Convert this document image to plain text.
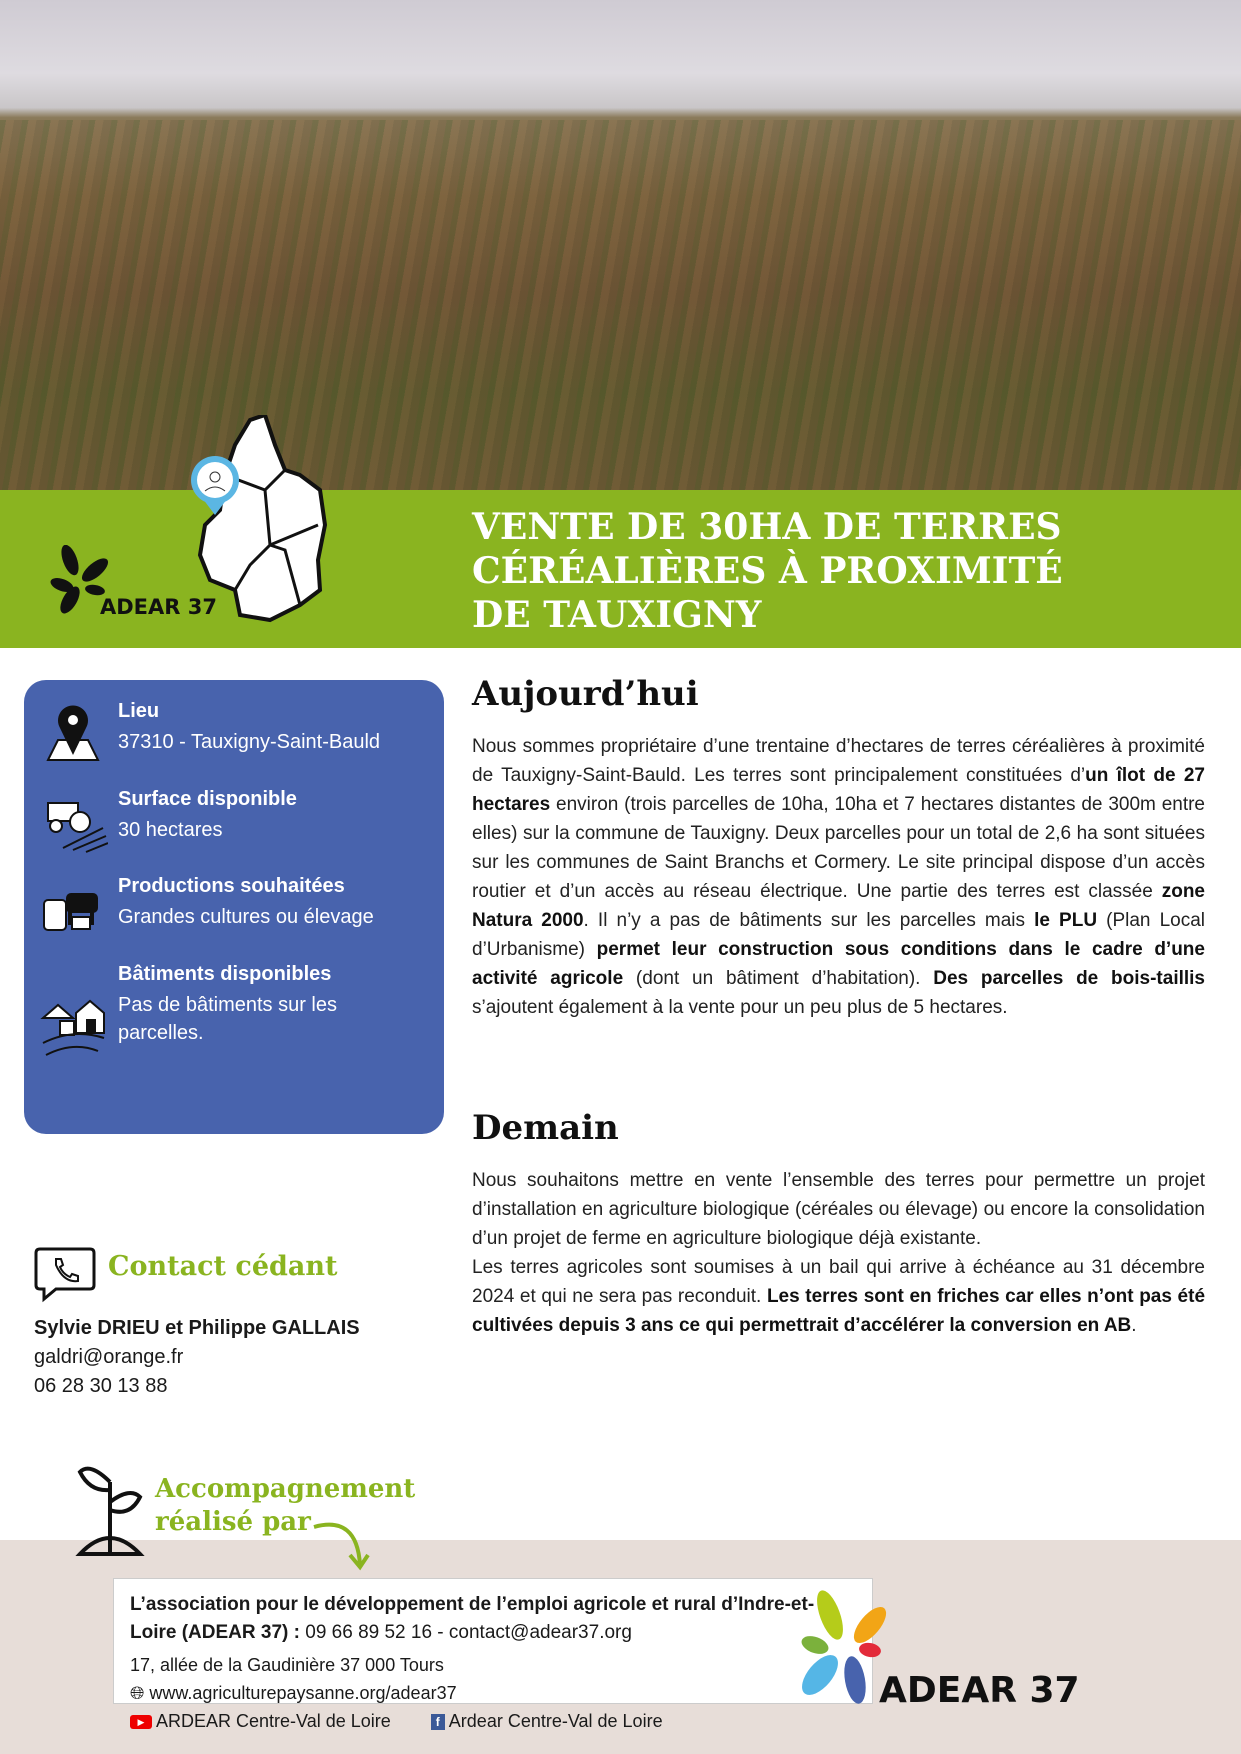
ADEAR 37
VENTE DE 30HA DE TERRES
CÉRÉALIÈRES À PROXIMITÉ
DE TAUXIGNY
Lieu
37310 - Tauxigny-Saint-Bauld
Surface disponible
30 hectares
Productions souhaitées
Grandes cultures ou élevage
Bâtiments disponibles
Pas de bâtiments sur les parcelles.
Aujourd’hui

Nous sommes propriétaire d’une trentaine d’hectares de terres céréalières à proximité de Tauxigny-Saint-Bauld. Les terres sont principalement constituées d’un îlot de 27 hectares environ (trois parcelles de 10ha, 10ha et 7 hectares distantes de 300m entre elles) sur la commune de Tauxigny. Deux parcelles pour un total de 2,6 ha sont situées sur les communes de Saint Branchs et Cormery. Le site principal dispose d’un accès routier et d’un accès au réseau électrique. Une partie des terres est classée zone Natura 2000. Il n’y a pas de bâtiments sur les parcelles mais le PLU (Plan Local d’Urbanisme) permet leur construction sous conditions dans le cadre d’une activité agricole (dont un bâtiment d’habitation). Des parcelles de bois-taillis s’ajoutent également à la vente pour un peu plus de 5 hectares.

Demain

Nous souhaitons mettre en vente l’ensemble des terres pour permettre un projet d’installation en agriculture biologique (céréales ou élevage) ou encore la consolidation d’un projet de ferme en agriculture biologique déjà existante.

Les terres agricoles sont soumises à un bail qui arrive à échéance au 31 décembre 2024 et qui ne sera pas reconduit. Les terres sont en friches car elles n’ont pas été cultivées depuis 3 ans ce qui permettrait d’accélérer la conversion en AB.

Contact cédant
Sylvie DRIEU et Philippe GALLAIS
galdri@orange.fr
06 28 30 13 88
Accompagnement
réalisé par
L’association pour le développement de l’emploi agricole et rural d’Indre-et-Loire (ADEAR 37) : 09 66 89 52 16 - contact@adear37.org
17, allée de la Gaudinière 37 000 Tours
🌐︎ www.agriculturepaysanne.org/adear37
▶ ARDEAR Centre-Val de Loire	f Ardear Centre-Val de Loire
ADEAR 37
